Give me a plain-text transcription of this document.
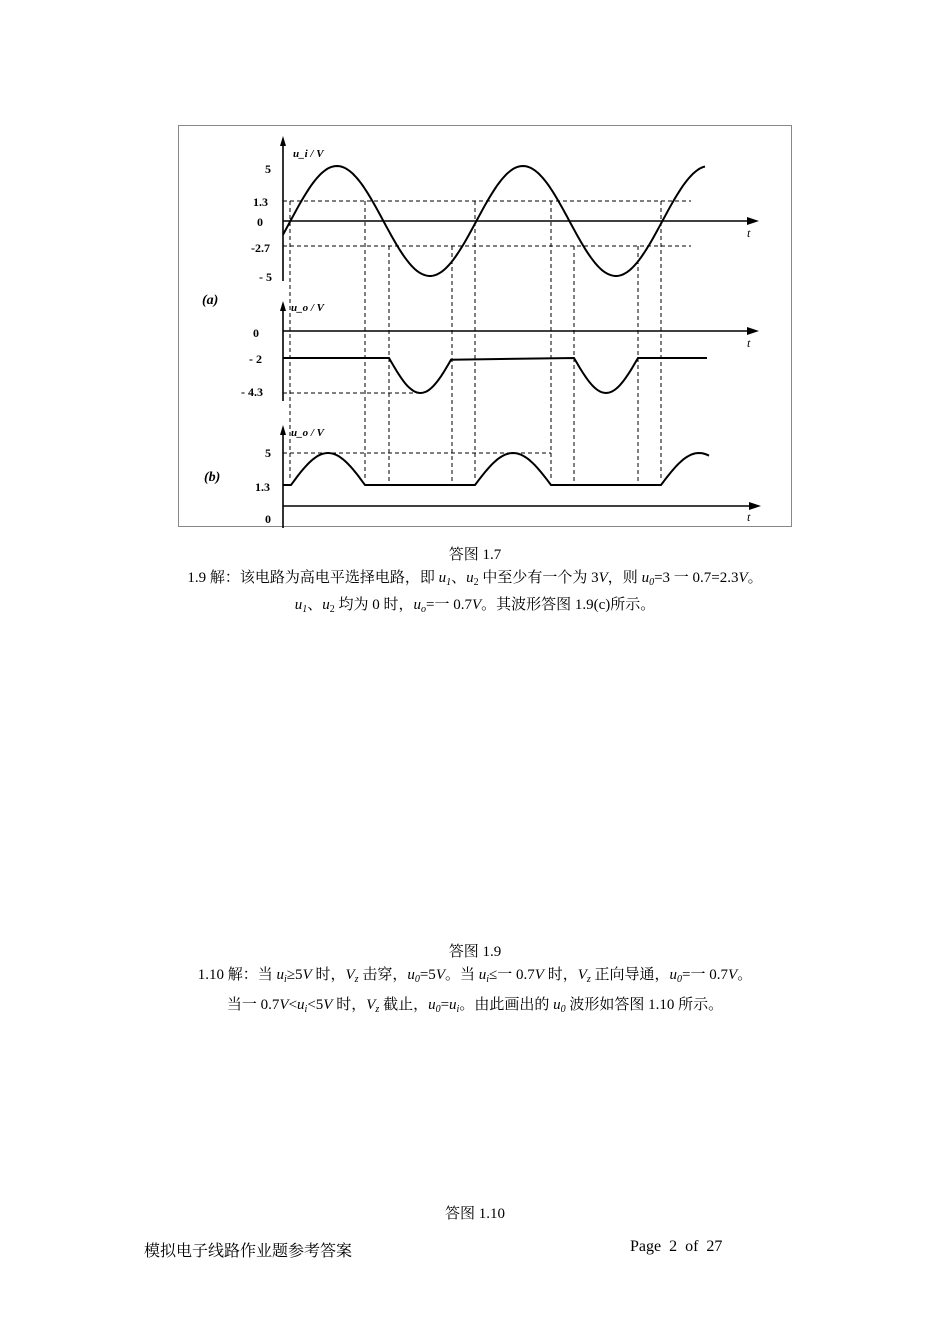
u_i / V
t
5
1.3
0
-2.7
- 5
(a)	u_o / V
t
0
- 2
- 4.3
u_o / V
t
5
1.3
0
(b)
答图 1.7
1.9 解：该电路为高电平选择电路，即 $u_1$、$u_2$ 中至少有一个为 3V，则 $u_0=3$ 一 0.7=2.3V。
$u_1$、$u_2$ 均为 0 时，$u_o=$一 0.7V。其波形答图 1.9(c)所示。
答图 1.9
1.10 解：当 $u_i\ge 5V$ 时，$V_z$ 击穿，$u_0=5V$。当 $u_i\le$一 0.7V 时，$V_z$ 正向导通，$u_0=$一 0.7V。
当一 $0.7V<u_i<5V$ 时，$V_z$ 截止，$u_0=u_i$。由此画出的 $u_0$ 波形如答图 1.10 所示。
答图 1.10
模拟电子线路作业题参考答案	Page 2 of 27
